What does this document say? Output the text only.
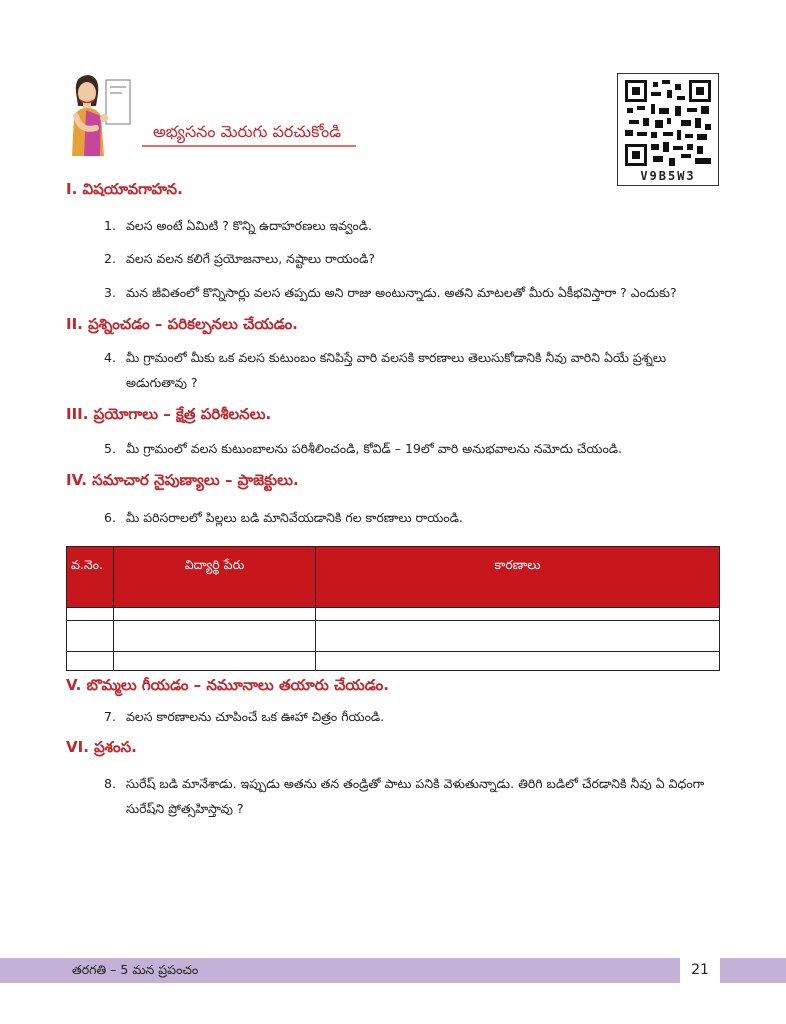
అభ్యసనం మెరుగు పరచుకోండి
V9B5W3
I. విషయావగాహన.
1. వలస అంటే ఏమిటి ? కొన్ని ఉదాహరణలు ఇవ్వండి.
2. వలస వలన కలిగే ప్రయోజనాలు, నష్టాలు రాయండి?
3. మన జీవితంలో కొన్నిసార్లు వలస తప్పదు అని రాజు అంటున్నాడు. అతని మాటలతో మీరు ఏకీభవిస్తారా ? ఎందుకు?
II. ప్రశ్నించడం – పరికల్పనలు చేయడం.
4. మీ గ్రామంలో మీకు ఒక వలస కుటుంబం కనిపిస్తే వారి వలసకి కారణాలు తెలుసుకోడానికి నీవు వారిని ఏయే ప్రశ్నలు అడుగుతావు ?
III. ప్రయోగాలు – క్షేత్ర పరిశీలనలు.
5. మీ గ్రామంలో వలస కుటుంబాలను పరిశీలించండి, కోవిడ్ – 19లో వారి అనుభవాలను నమోదు చేయండి.
IV. సమాచార నైపుణ్యాలు – ప్రాజెక్టులు.
6. మీ పరిసరాలలో పిల్లలు బడి మానివేయడానికి గల కారణాలు రాయండి.
వ.నెం.	విద్యార్థి పేరు	కారణాలు

V. బొమ్మలు గీయడం – నమూనాలు తయారు చేయడం.
7. వలస కారణాలను చూపించే ఒక ఊహా చిత్రం గీయండి.
VI. ప్రశంస.
8. సురేష్ బడి మానేశాడు. ఇప్పుడు అతను తన తండ్రితో పాటు పనికి వెళుతున్నాడు. తిరిగి బడిలో చేరడానికి నీవు ఏ విధంగా సురేష్‌ని ప్రోత్సహిస్తావు ?
తరగతి – 5 మన ప్రపంచం	21
